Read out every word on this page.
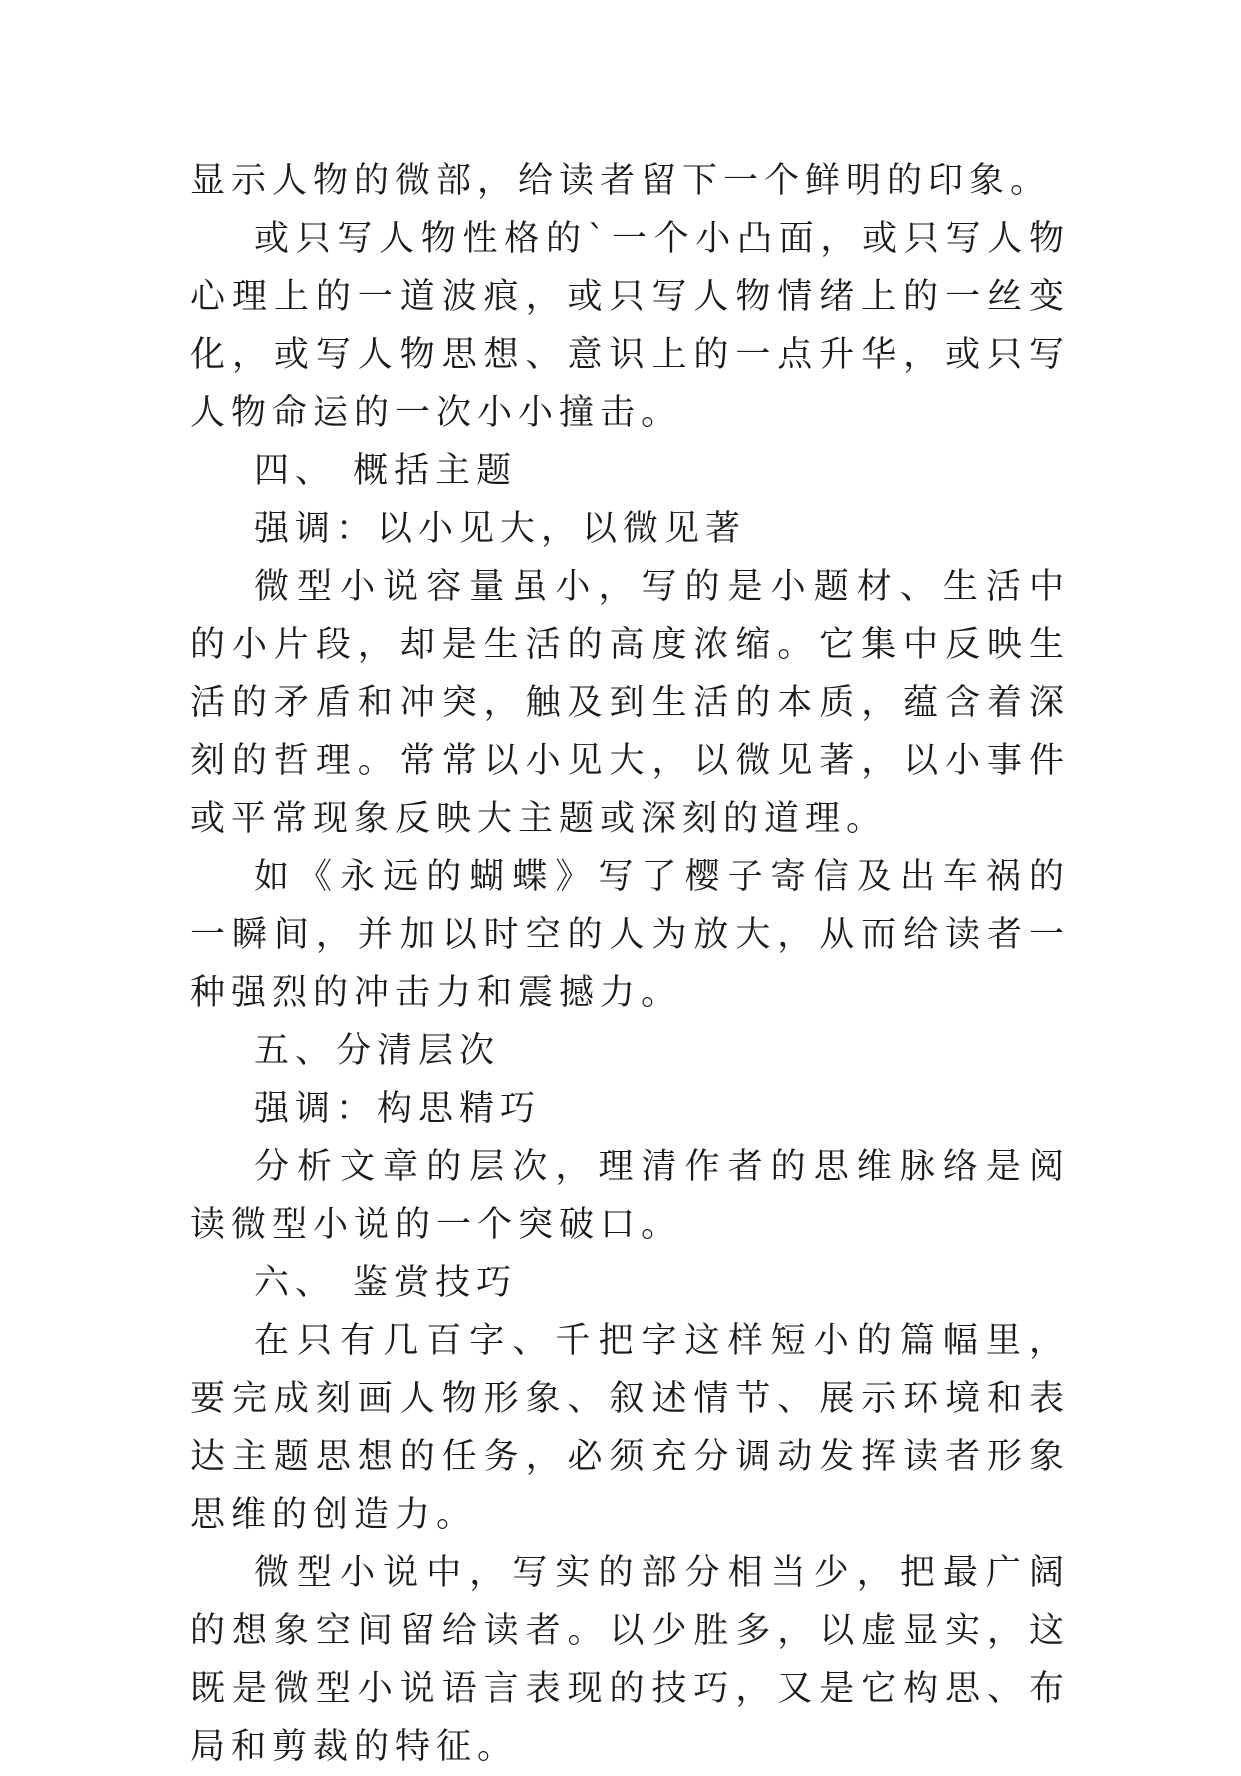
显示人物的微部，给读者留下一个鲜明的印象。

或只写人物性格的`一个小凸面，或只写人物心理上的一道波痕，或只写人物情绪上的一丝变化，或写人物思想、意识上的一点升华，或只写人物命运的一次小小撞击。

四、 概括主题

强调：以小见大，以微见著

微型小说容量虽小，写的是小题材、生活中的小片段，却是生活的高度浓缩。它集中反映生活的矛盾和冲突，触及到生活的本质，蕴含着深刻的哲理。常常以小见大，以微见著，以小事件或平常现象反映大主题或深刻的道理。

如《永远的蝴蝶》写了樱子寄信及出车祸的一瞬间，并加以时空的人为放大，从而给读者一种强烈的冲击力和震撼力。

五、分清层次

强调：构思精巧

分析文章的层次，理清作者的思维脉络是阅读微型小说的一个突破口。

六、 鉴赏技巧

在只有几百字、千把字这样短小的篇幅里，要完成刻画人物形象、叙述情节、展示环境和表达主题思想的任务，必须充分调动发挥读者形象思维的创造力。

微型小说中，写实的部分相当少，把最广阔的想象空间留给读者。以少胜多，以虚显实，这既是微型小说语言表现的技巧，又是它构思、布局和剪裁的特征。
